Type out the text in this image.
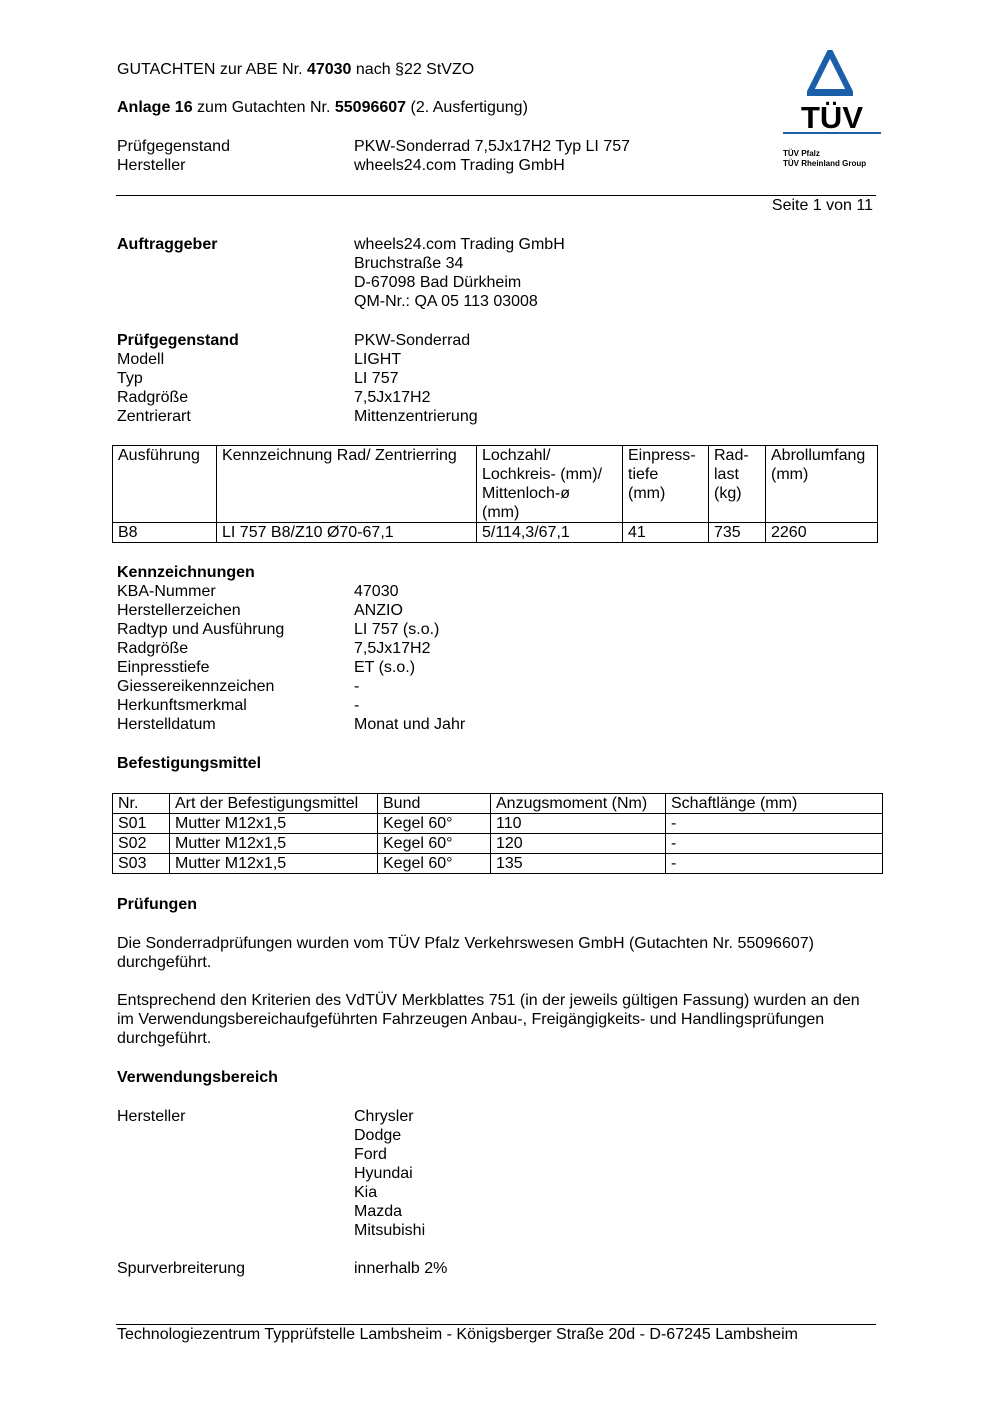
GUTACHTEN zur ABE Nr. 47030 nach §22 StVZO
Anlage 16 zum Gutachten Nr. 55096607 (2. Ausfertigung)
Prüfgegenstand	PKW-Sonderrad 7,5Jx17H2 Typ LI 757
Hersteller	wheels24.com Trading GmbH
TÜV
TÜV Pfalz
TÜV Rheinland Group
Seite 1 von 11
Auftraggeber	wheels24.com Trading GmbH
Bruchstraße 34
D-67098 Bad Dürkheim
QM-Nr.: QA 05 113 03008
Prüfgegenstand	PKW-Sonderrad
Modell	LIGHT
Typ	LI 757
Radgröße	7,5Jx17H2
Zentrierart	Mittenzentrierung
Ausführung	Kennzeichnung Rad/ Zentrierring	Lochzahl/
Lochkreis- (mm)/
Mittenloch-ø
(mm)	Einpress-
tiefe
(mm)	Rad-
last
(kg)	Abrollumfang
(mm)
B8	LI 757 B8/Z10 Ø70-67,1	5/114,3/67,1	41	735	2260
Kennzeichnungen
KBA-Nummer	47030
Herstellerzeichen	ANZIO
Radtyp und Ausführung	LI 757 (s.o.)
Radgröße	7,5Jx17H2
Einpresstiefe	ET (s.o.)
Giessereikennzeichen	-
Herkunftsmerkmal	-
Herstelldatum	Monat und Jahr
Befestigungsmittel
Nr.	Art der Befestigungsmittel	Bund	Anzugsmoment (Nm)	Schaftlänge (mm)
S01	Mutter M12x1,5	Kegel 60°	110	-
S02	Mutter M12x1,5	Kegel 60°	120	-
S03	Mutter M12x1,5	Kegel 60°	135	-
Prüfungen
Die Sonderradprüfungen wurden vom TÜV Pfalz Verkehrswesen GmbH (Gutachten Nr. 55096607) durchgeführt.
Entsprechend den Kriterien des VdTÜV Merkblattes 751 (in der jeweils gültigen Fassung) wurden an den im Verwendungsbereichaufgeführten Fahrzeugen Anbau-, Freigängigkeits- und Handlingsprüfungen durchgeführt.
Verwendungsbereich
Hersteller	Chrysler
Dodge
Ford
Hyundai
Kia
Mazda
Mitsubishi
Spurverbreiterung	innerhalb 2%
Technologiezentrum Typprüfstelle Lambsheim - Königsberger Straße 20d - D-67245 Lambsheim
